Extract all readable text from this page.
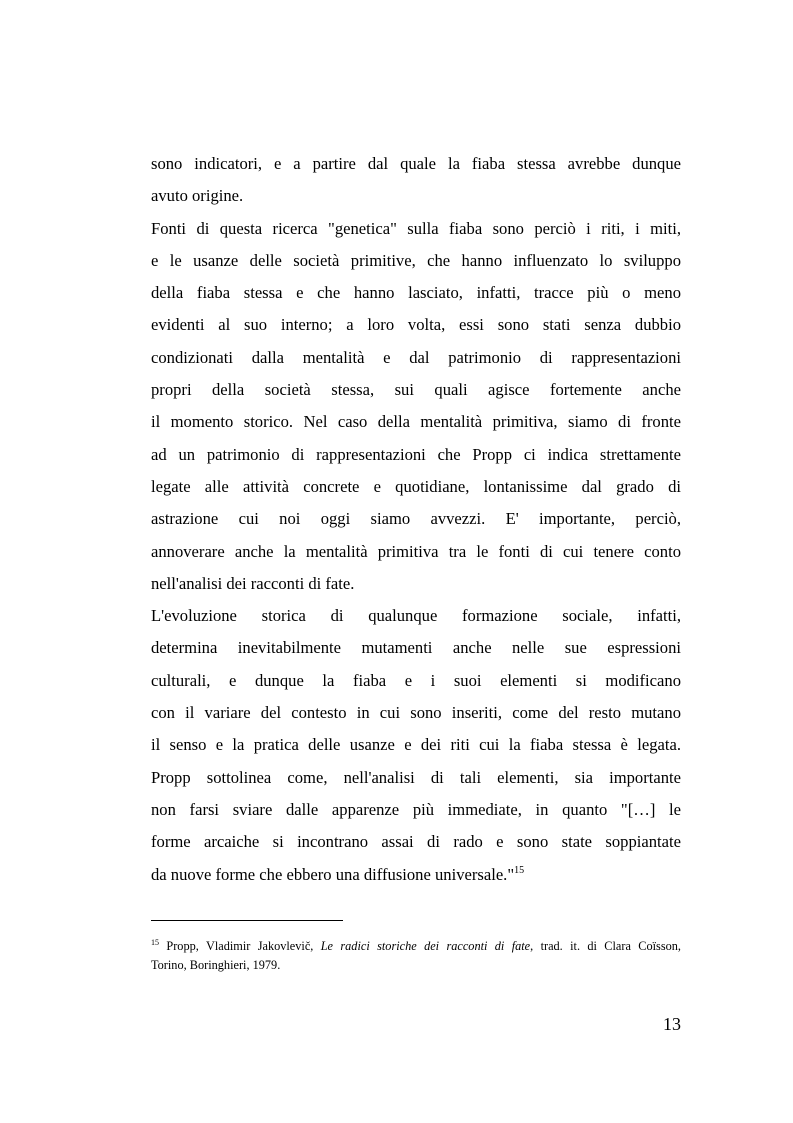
sono indicatori, e a partire dal quale la fiaba stessa avrebbe dunque
avuto origine.
Fonti di questa ricerca "genetica" sulla fiaba sono perciò i riti, i miti,
e le usanze delle società primitive, che hanno influenzato lo sviluppo
della fiaba stessa e che hanno lasciato, infatti, tracce più o meno
evidenti al suo interno; a loro volta, essi sono stati senza dubbio
condizionati dalla mentalità e dal patrimonio di rappresentazioni
propri della società stessa, sui quali agisce fortemente anche
il momento storico. Nel caso della mentalità primitiva, siamo di fronte
ad un patrimonio di rappresentazioni che Propp ci indica strettamente
legate alle attività concrete e quotidiane, lontanissime dal grado di
astrazione cui noi oggi siamo avvezzi. E' importante, perciò,
annoverare anche la mentalità primitiva tra le fonti di cui tenere conto
nell'analisi dei racconti di fate.
L'evoluzione storica di qualunque formazione sociale, infatti,
determina inevitabilmente mutamenti anche nelle sue espressioni
culturali, e dunque la fiaba e i suoi elementi si modificano
con il variare del contesto in cui sono inseriti, come del resto mutano
il senso e la pratica delle usanze e dei riti cui la fiaba stessa è legata.
Propp sottolinea come, nell'analisi di tali elementi, sia importante
non farsi sviare dalle apparenze più immediate, in quanto "[…] le
forme arcaiche si incontrano assai di rado e sono state soppiantate
da nuove forme che ebbero una diffusione universale."$^{15}$
$^{15}$ Propp, Vladimir Jakovlevič, Le radici storiche dei racconti di fate, trad. it. di Clara Coïsson,
Torino, Boringhieri, 1979.
13
